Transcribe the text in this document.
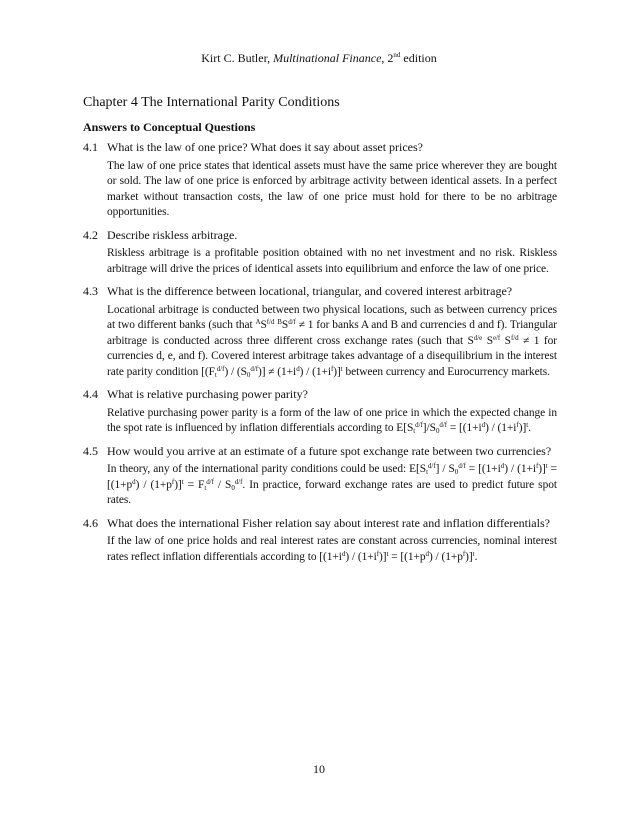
Kirt C. Butler, Multinational Finance, 2nd edition
Chapter 4 The International Parity Conditions
Answers to Conceptual Questions
4.1 What is the law of one price? What does it say about asset prices?
The law of one price states that identical assets must have the same price wherever they are bought or sold. The law of one price is enforced by arbitrage activity between identical assets. In a perfect market without transaction costs, the law of one price must hold for there to be no arbitrage opportunities.
4.2 Describe riskless arbitrage.
Riskless arbitrage is a profitable position obtained with no net investment and no risk. Riskless arbitrage will drive the prices of identical assets into equilibrium and enforce the law of one price.
4.3 What is the difference between locational, triangular, and covered interest arbitrage?
Locational arbitrage is conducted between two physical locations, such as between currency prices at two different banks (such that $^AS^{f/d}$ $^BS^{d/f} \ne 1$ for banks A and B and currencies d and f). Triangular arbitrage is conducted across three different cross exchange rates (such that $S^{d/e}$ $S^{e/f}$ $S^{f/d} \ne 1$ for currencies d, e, and f). Covered interest arbitrage takes advantage of a disequilibrium in the interest rate parity condition $[(F_t^{d/f}) / (S_0^{d/f})] \ne (1+i^d) / (1+i^f)]^t$ between currency and Eurocurrency markets.
4.4 What is relative purchasing power parity?
Relative purchasing power parity is a form of the law of one price in which the expected change in the spot rate is influenced by inflation differentials according to $E[S_t^{d/f}]/S_0^{d/f} = [(1+i^d) / (1+i^f)]^t$.
4.5 How would you arrive at an estimate of a future spot exchange rate between two currencies?
In theory, any of the international parity conditions could be used: $E[S_t^{d/f}] / S_0^{d/f} = [(1+i^d) / (1+i^f)]^t = [(1+p^d) / (1+p^f)]^t = F_t^{d/f} / S_0^{d/f}$. In practice, forward exchange rates are used to predict future spot rates.
4.6 What does the international Fisher relation say about interest rate and inflation differentials?
If the law of one price holds and real interest rates are constant across currencies, nominal interest rates reflect inflation differentials according to $[(1+i^d) / (1+i^f)]^t = [(1+p^d) / (1+p^f)]^t$.
10
